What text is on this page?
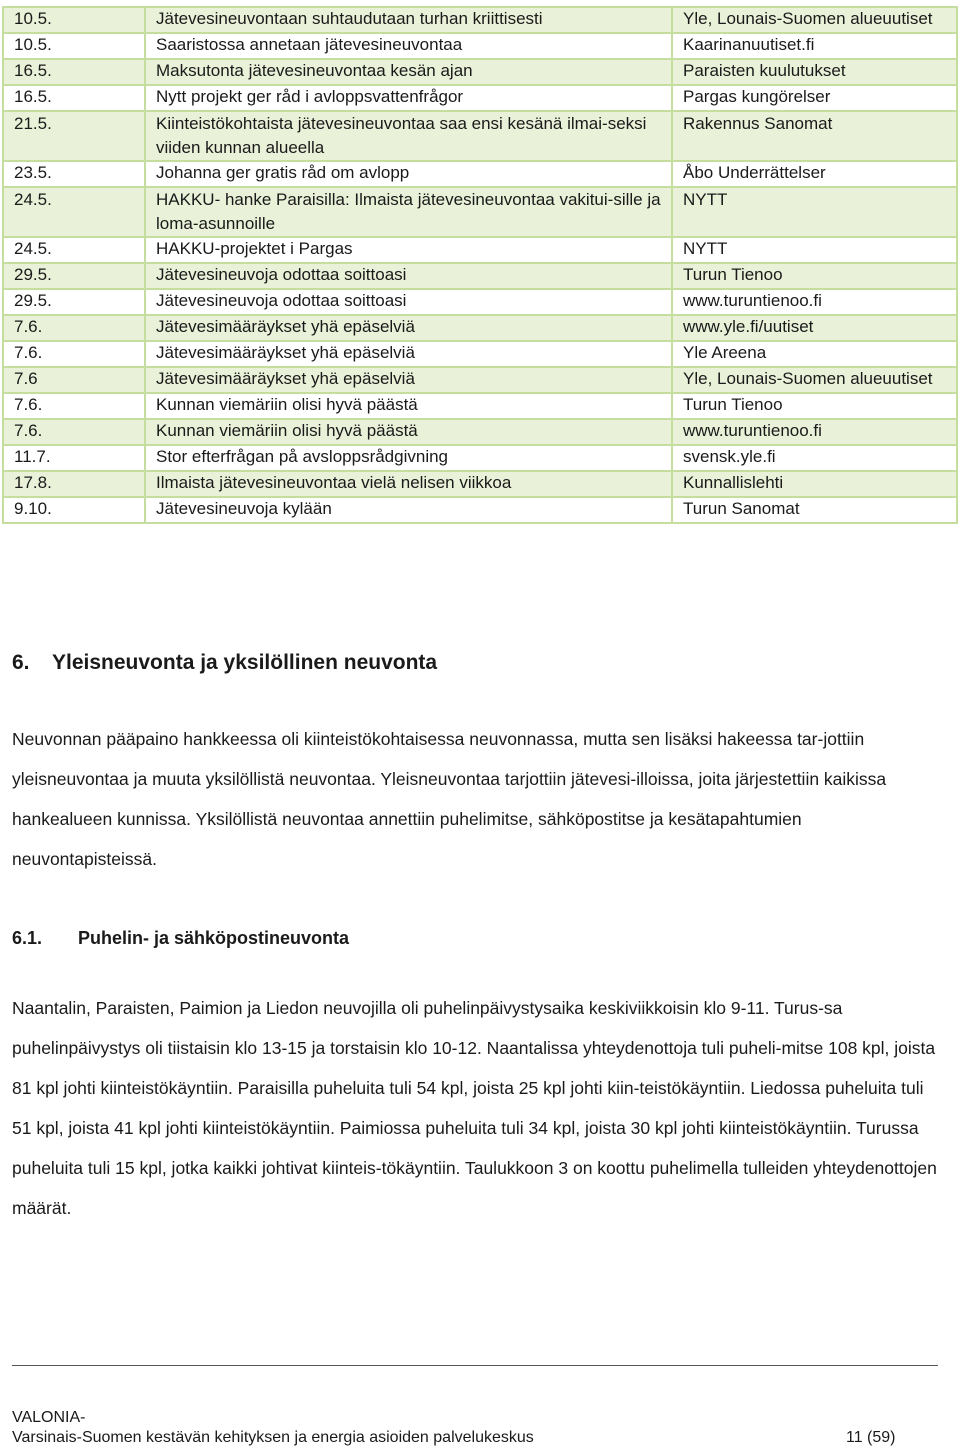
10.5.	Jätevesineuvontaan suhtaudutaan turhan kriittisesti	Yle, Lounais-Suomen alueuutiset
10.5.	Saaristossa annetaan jätevesineuvontaa	Kaarinanuutiset.fi
16.5.	Maksutonta jätevesineuvontaa kesän ajan	Paraisten kuulutukset
16.5.	Nytt projekt ger råd i avloppsvattenfrågor	Pargas kungörelser
21.5.	Kiinteistökohtaista jätevesineuvontaa saa ensi kesänä ilmai-seksi viiden kunnan alueella	Rakennus Sanomat
23.5.	Johanna ger gratis råd om avlopp	Åbo Underrättelser
24.5.	HAKKU- hanke Paraisilla: Ilmaista jätevesineuvontaa vakitui-sille ja loma-asunnoille	NYTT
24.5.	HAKKU-projektet i Pargas	NYTT
29.5.	Jätevesineuvoja odottaa soittoasi	Turun Tienoo
29.5.	Jätevesineuvoja odottaa soittoasi	www.turuntienoo.fi
7.6.	Jätevesimääräykset yhä epäselviä	www.yle.fi/uutiset
7.6.	Jätevesimääräykset yhä epäselviä	Yle Areena
7.6	Jätevesimääräykset yhä epäselviä	Yle, Lounais-Suomen alueuutiset
7.6.	Kunnan viemäriin olisi hyvä päästä	Turun Tienoo
7.6.	Kunnan viemäriin olisi hyvä päästä	www.turuntienoo.fi
11.7.	Stor efterfrågan på avsloppsrådgivning	svensk.yle.fi
17.8.	Ilmaista jätevesineuvontaa vielä nelisen viikkoa	Kunnallislehti
9.10.	Jätevesineuvoja kylään	Turun Sanomat
6. Yleisneuvonta ja yksilöllinen neuvonta
Neuvonnan pääpaino hankkeessa oli kiinteistökohtaisessa neuvonnassa, mutta sen lisäksi hakeessa tar-jottiin yleisneuvontaa ja muuta yksilöllistä neuvontaa. Yleisneuvontaa tarjottiin jätevesi-illoissa, joita järjestettiin kaikissa hankealueen kunnissa. Yksilöllistä neuvontaa annettiin puhelimitse, sähköpostitse ja kesätapahtumien neuvontapisteissä.
6.1. Puhelin- ja sähköpostineuvonta
Naantalin, Paraisten, Paimion ja Liedon neuvojilla oli puhelinpäivystysaika keskiviikkoisin klo 9-11. Turus-sa puhelinpäivystys oli tiistaisin klo 13-15 ja torstaisin klo 10-12. Naantalissa yhteydenottoja tuli puheli-mitse 108 kpl, joista 81 kpl johti kiinteistökäyntiin. Paraisilla puheluita tuli 54 kpl, joista 25 kpl johti kiin-teistökäyntiin. Liedossa puheluita tuli 51 kpl, joista 41 kpl johti kiinteistökäyntiin. Paimiossa puheluita tuli 34 kpl, joista 30 kpl johti kiinteistökäyntiin. Turussa puheluita tuli 15 kpl, jotka kaikki johtivat kiinteis-tökäyntiin. Taulukkoon 3 on koottu puhelimella tulleiden yhteydenottojen määrät.
VALONIA-
Varsinais-Suomen kestävän kehityksen ja energia asioiden palvelukeskus	11 (59)
